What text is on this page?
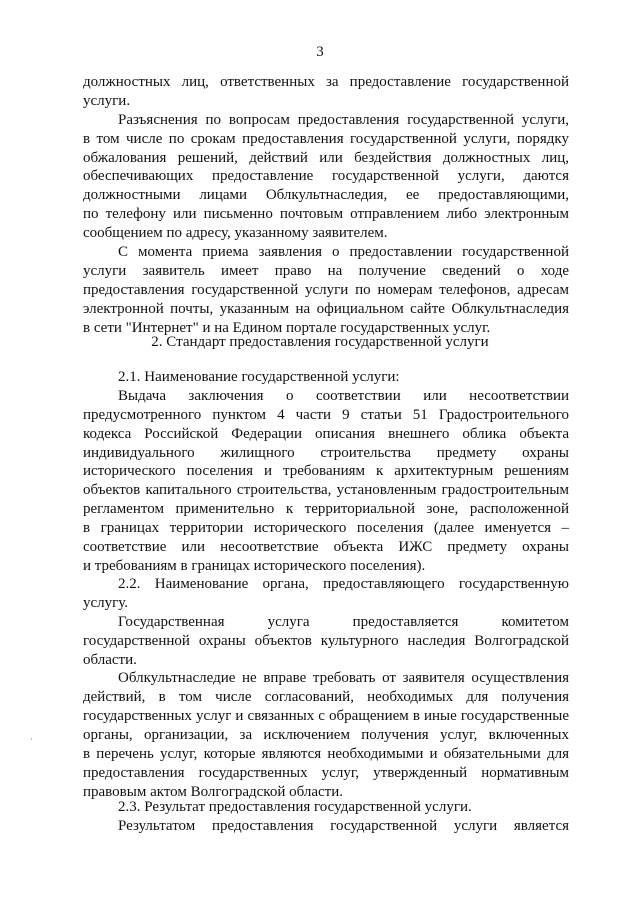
3
должностных лиц, ответственных за предоставление государственной
услуги.
Разъяснения по вопросам предоставления государственной услуги,
в том числе по срокам предоставления государственной услуги, порядку
обжалования решений, действий или бездействия должностных лиц,
обеспечивающих предоставление государственной услуги, даются
должностными лицами Облкультнаследия, ее предоставляющими,
по телефону или письменно почтовым отправлением либо электронным
сообщением по адресу, указанному заявителем.
С момента приема заявления о предоставлении государственной
услуги заявитель имеет право на получение сведений о ходе
предоставления государственной услуги по номерам телефонов, адресам
электронной почты, указанным на официальном сайте Облкультнаследия
в сети "Интернет" и на Едином портале государственных услуг.
2. Стандарт предоставления государственной услуги
2.1. Наименование государственной услуги:
Выдача заключения о соответствии или несоответствии
предусмотренного пунктом 4 части 9 статьи 51 Градостроительного
кодекса Российской Федерации описания внешнего облика объекта
индивидуального жилищного строительства предмету охраны
исторического поселения и требованиям к архитектурным решениям
объектов капитального строительства, установленным градостроительным
регламентом применительно к территориальной зоне, расположенной
в границах территории исторического поселения (далее именуется –
соответствие или несоответствие объекта ИЖС предмету охраны
и требованиям в границах исторического поселения).
2.2. Наименование органа, предоставляющего государственную
услугу.
Государственная услуга предоставляется комитетом
государственной охраны объектов культурного наследия Волгоградской
области.
Облкультнаследие не вправе требовать от заявителя осуществления
действий, в том числе согласований, необходимых для получения
государственных услуг и связанных с обращением в иные государственные
органы, организации, за исключением получения услуг, включенных
в перечень услуг, которые являются необходимыми и обязательными для
предоставления государственных услуг, утвержденный нормативным
правовым актом Волгоградской области.
2.3. Результат предоставления государственной услуги.
Результатом предоставления государственной услуги является
·
